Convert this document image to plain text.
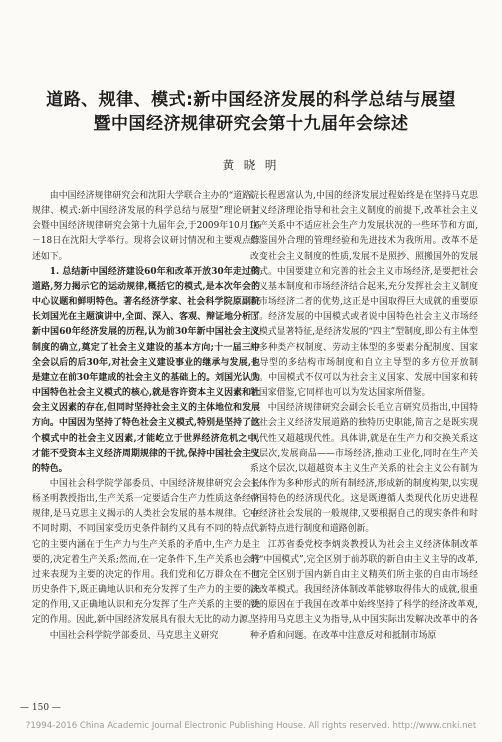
道路、规律、模式:新中国经济发展的科学总结与展望
暨中国经济规律研究会第十九届年会综述
黄 晓 明

由中国经济规律研究会和沈阳大学联合主办的“道路、规律、模式:新中国经济发展的科学总结与展望”理论研讨会暨中国经济规律研究会第十九届年会,于2009年10月16－18日在沈阳大学举行。现将会议研讨情况和主要观点综述如下。

1. 总结新中国经济建设60年和改革开放30年走过的道路,努力揭示它的运动规律,概括它的模式,是本次年会的中心议题和鲜明特色。著名经济学家、社会科学院原副院长刘国光在主题演讲中,全面、深入、客观、辩证地分析了新中国60年经济发展的历程,认为前30年新中国社会主义制度的确立,奠定了社会主义建设的基本方向;十一届三中全会以后的后30年,对社会主义建设事业的继承与发展,也是建立在前30年建成的社会主义的基础上的。刘国光认为中国特色社会主义模式的核心,就是容许资本主义因素和社会主义因素的存在,但同时坚持社会主义的主体地位和发展方向。中国因为坚持了特色社会主义模式,特别是坚持了这个模式中的社会主义因素,才能屹立于世界经济危机之中,才能不受资本主义经济周期规律的干扰,保持中国社会主义的特色。

中国社会科学院学部委员、中国经济规律研究会会长杨圣明教授指出,生产关系一定要适合生产力性质这条经济规律,是马克思主义揭示的人类社会发展的基本规律。它在不同时期、不同国家受历史条件制约又具有不同的特点。它的主要内涵在于生产力与生产关系的矛盾中,生产力是主要的,决定着生产关系;然而,在一定条件下,生产关系也会转过来表现为主要的决定的作用。我们党和亿万群众在不同历史条件下,既正确地认识和充分发挥了生产力的主要的决定的作用,又正确地认识和充分发挥了生产关系的主要的决定的作用。因此,新中国经济发展具有很大无比的动力源。

中国社会科学院学部委员、马克思主义研究

院长程恩富认为,中国的经济发展过程始终是在坚持马克思主义经济理论指导和社会主义制度的前提下,改革社会主义生产关系中不适应社会生产力发展状况的一些环节和方面,借鉴国外合理的管理经验和先进技术为我所用。改革不是改变社会主义制度的性质,发展不是照抄、照搬国外的发展模式。中国要建立和完善的社会主义市场经济,是要把社会主义基本制度和市场经济结合起来,充分发挥社会主义制度和市场经济二者的优势,这正是中国取得巨大成就的重要原因。经济发展的中国模式或者说中国特色社会主义市场经济模式显著特征,是经济发展的“四主”型制度,即公有主体型的多种类产权制度、劳动主体型的多要素分配制度、国家主导型的多结构市场制度和自立主导型的多方位开放制度。中国模式不仅可以为社会主义国家、发展中国家和转轨国家借鉴,它同样也可以为发达国家所借鉴。

中国经济规律研究会副会长毛立言研究员指出,中国特色社会主义经济发展道路的独特历史职能,简言之是既实现现代性又超越现代性。具体讲,就是在生产力和交换关系这些层次,发展商品——市场经济,推动工业化,同时在生产关系这个层次,以超越资本主义生产关系的社会主义公有制为主体作为多种形式的所有制经济,形成新的制度构架,以实现中国特色的经济现代化。这是既遵循人类现代化历史进程中经济社会发展的一般规律,又要根据自己的现实条件和时代新特点进行制度和道路创新。

江苏省委党校李炳炎教授认为社会主义经济体制改革的“中国模式”,完全区别于前苏联的新自由主义主导的改革,也完全区别于国内新自由主义精英们所主张的自由市场经济改革模式。我国经济体制改革能够取得伟大的成就,很重要的原因在于我国在改革中始终坚持了科学的经济改革观,坚持用马克思主义为指导,从中国实际出发解决改革中的各种矛盾和问题。在改革中注意反对和抵制市场原

— 150 —
?1994-2016 China Academic Journal Electronic Publishing House. All rights reserved. http://www.cnki.net
